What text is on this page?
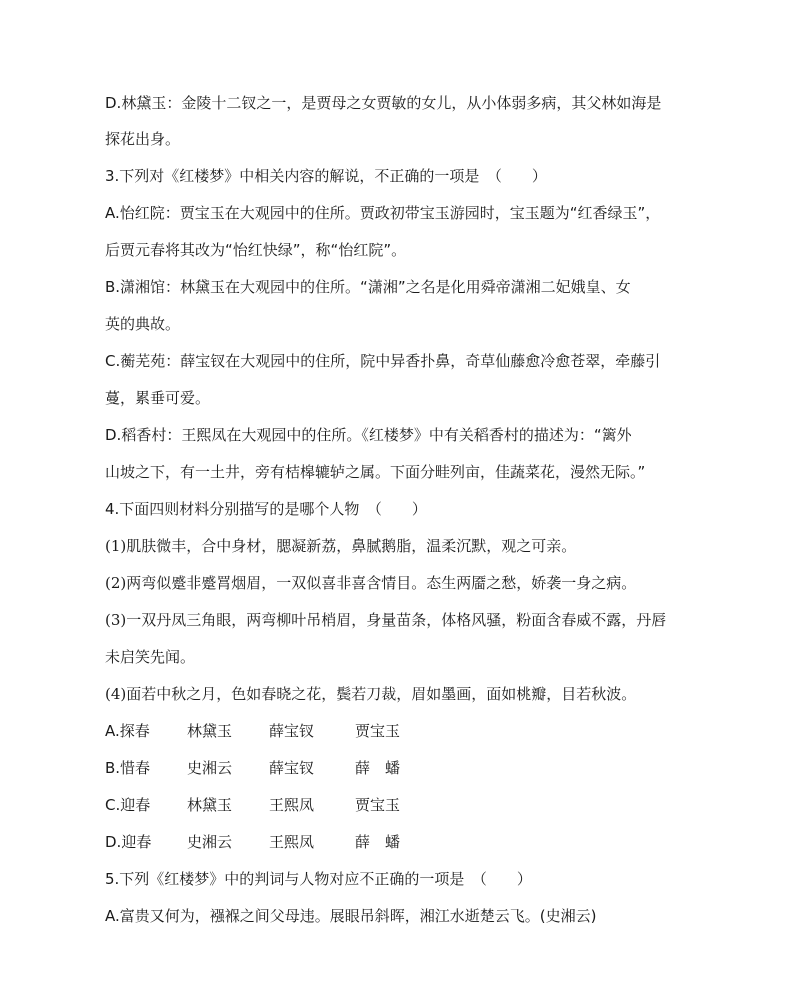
D.林黛玉：金陵十二钗之一，是贾母之女贾敏的女儿，从小体弱多病，其父林如海是
探花出身。
3.下列对《红楼梦》中相关内容的解说，不正确的一项是　（　　）
A.怡红院：贾宝玉在大观园中的住所。贾政初带宝玉游园时，宝玉题为“红香绿玉”，
后贾元春将其改为“怡红快绿”，称“怡红院”。
B.潇湘馆：林黛玉在大观园中的住所。“潇湘”之名是化用舜帝潇湘二妃娥皇、女
英的典故。
C.蘅芜苑：薛宝钗在大观园中的住所，院中异香扑鼻，奇草仙藤愈冷愈苍翠，牵藤引
蔓，累垂可爱。
D.稻香村：王熙凤在大观园中的住所。《红楼梦》中有关稻香村的描述为：“篱外
山坡之下，有一土井，旁有桔槔辘轳之属。下面分畦列亩，佳蔬菜花，漫然无际。”
4.下面四则材料分别描写的是哪个人物　（　　）
(1)肌肤微丰，合中身材，腮凝新荔，鼻腻鹅脂，温柔沉默，观之可亲。
(2)两弯似蹙非蹙罥烟眉，一双似喜非喜含情目。态生两靥之愁，娇袭一身之病。
(3)一双丹凤三角眼，两弯柳叶吊梢眉，身量苗条，体格风骚，粉面含春威不露，丹唇
未启笑先闻。
(4)面若中秋之月，色如春晓之花，鬓若刀裁，眉如墨画，面如桃瓣，目若秋波。
A.探春 林黛玉 薛宝钗	贾宝玉
B.惜春 史湘云 薛宝钗	薛　蟠
C.迎春 林黛玉 王熙凤	贾宝玉
D.迎春 史湘云 王熙凤	薛　蟠
5.下列《红楼梦》中的判词与人物对应不正确的一项是　（　　）
A.富贵又何为，襁褓之间父母违。展眼吊斜晖，湘江水逝楚云飞。(史湘云)
